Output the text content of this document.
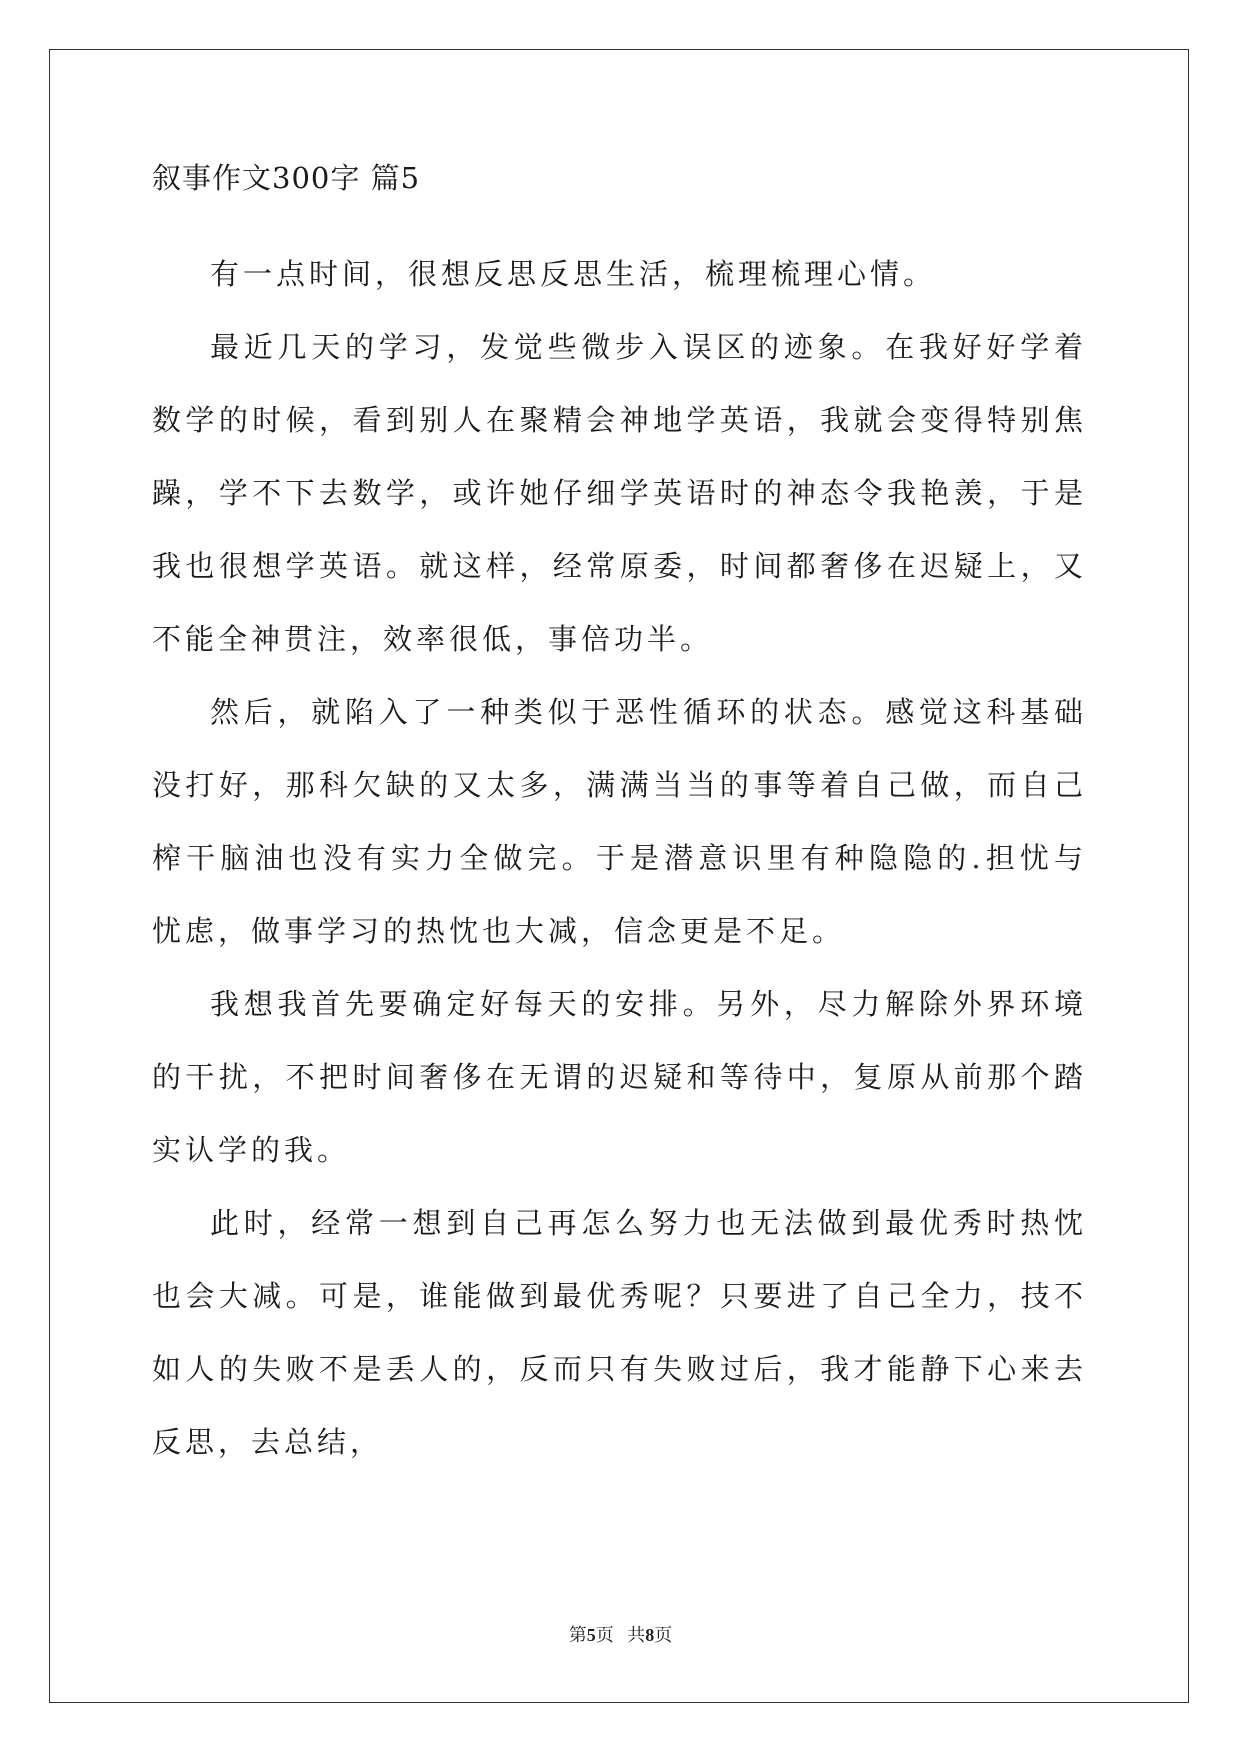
叙事作文300字 篇5

有一点时间，很想反思反思生活，梳理梳理心情。

最近几天的学习，发觉些微步入误区的迹象。在我好好学着数学的时候，看到别人在聚精会神地学英语，我就会变得特别焦躁，学不下去数学，或许她仔细学英语时的神态令我艳羡，于是我也很想学英语。就这样，经常原委，时间都奢侈在迟疑上，又不能全神贯注，效率很低，事倍功半。

然后，就陷入了一种类似于恶性循环的状态。感觉这科基础没打好，那科欠缺的又太多，满满当当的事等着自己做，而自己榨干脑油也没有实力全做完。于是潜意识里有种隐隐的.担忧与忧虑，做事学习的热忱也大减，信念更是不足。

我想我首先要确定好每天的安排。另外，尽力解除外界环境的干扰，不把时间奢侈在无谓的迟疑和等待中，复原从前那个踏实认学的我。

此时，经常一想到自己再怎么努力也无法做到最优秀时热忱也会大减。可是，谁能做到最优秀呢？只要进了自己全力，技不如人的失败不是丢人的，反而只有失败过后，我才能静下心来去反思，去总结，

第5页 共8页
